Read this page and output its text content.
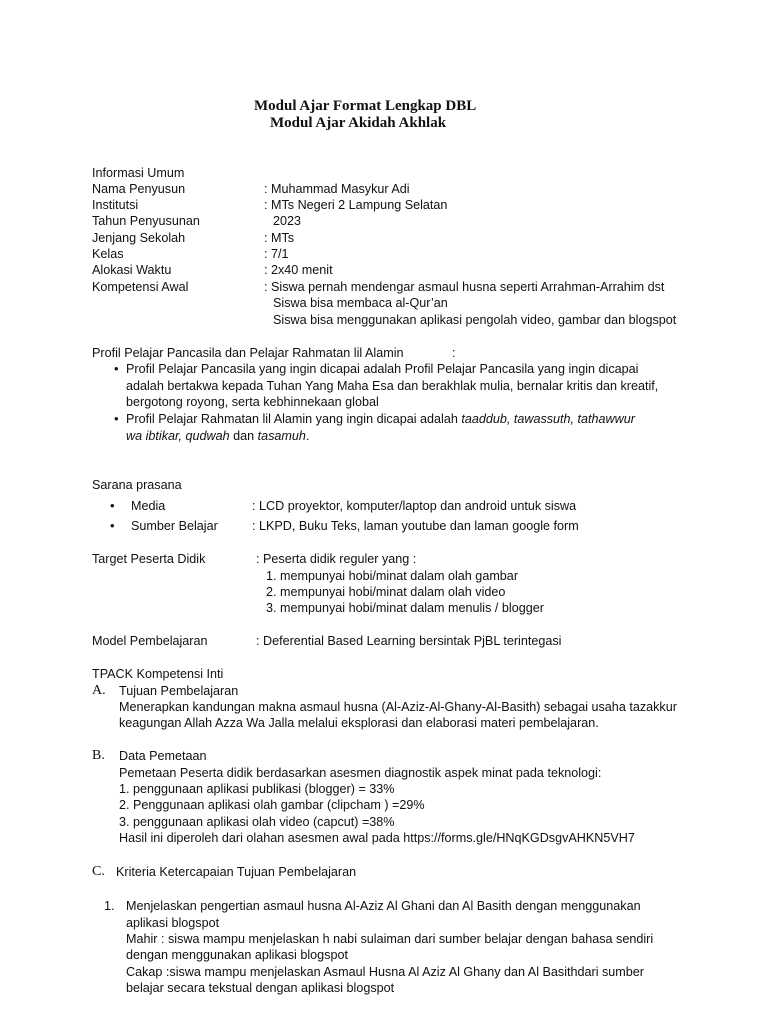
Modul Ajar Format Lengkap DBL
Modul Ajar Akidah Akhlak
Informasi Umum
Nama Penyusun	: Muhammad Masykur Adi
Institutsi	: MTs Negeri 2 Lampung Selatan
Tahun Penyusunan	2023
Jenjang Sekolah	: MTs
Kelas	: 7/1
Alokasi Waktu	: 2x40 menit
Kompetensi Awal	: Siswa pernah mendengar asmaul husna seperti Arrahman-Arrahim dst
Siswa bisa membaca al-Qur’an
Siswa bisa menggunakan aplikasi pengolah video, gambar dan blogspot
Profil Pelajar Pancasila dan Pelajar Rahmatan lil Alamin	:
• Profil Pelajar Pancasila yang ingin dicapai adalah Profil Pelajar Pancasila yang ingin dicapai
adalah bertakwa kepada Tuhan Yang Maha Esa dan berakhlak mulia, bernalar kritis dan kreatif,
bergotong royong, serta kebhinnekaan global
• Profil Pelajar Rahmatan lil Alamin yang ingin dicapai adalah taaddub, tawassuth, tathawwur
wa ibtikar, qudwah dan tasamuh.
Sarana prasana
• Media	: LCD proyektor, komputer/laptop dan android untuk siswa
• Sumber Belajar	: LKPD, Buku Teks, laman youtube dan laman google form
Target Peserta Didik	: Peserta didik reguler yang :
1. mempunyai hobi/minat dalam olah gambar
2. mempunyai hobi/minat dalam olah video
3. mempunyai hobi/minat dalam menulis / blogger
Model Pembelajaran	: Deferential Based Learning bersintak PjBL terintegasi
TPACK Kompetensi Inti
A. Tujuan Pembelajaran
Menerapkan kandungan makna asmaul husna (Al-Aziz-Al-Ghany-Al-Basith) sebagai usaha tazakkur
keagungan Allah Azza Wa Jalla melalui eksplorasi dan elaborasi materi pembelajaran.
B. Data Pemetaan
Pemetaan Peserta didik berdasarkan asesmen diagnostik aspek minat pada teknologi:
1. penggunaan aplikasi publikasi (blogger) = 33%
2. Penggunaan aplikasi olah gambar (clipcham ) =29%
3. penggunaan aplikasi olah video (capcut) =38%
Hasil ini diperoleh dari olahan asesmen awal pada https://forms.gle/HNqKGDsgvAHKN5VH7
C. Kriteria Ketercapaian Tujuan Pembelajaran
1. Menjelaskan pengertian asmaul husna Al-Aziz Al Ghani dan Al Basith dengan menggunakan
aplikasi blogspot
Mahir : siswa mampu menjelaskan h nabi sulaiman dari sumber belajar dengan bahasa sendiri
dengan menggunakan aplikasi blogspot
Cakap :siswa mampu menjelaskan Asmaul Husna Al Aziz Al Ghany dan Al Basithdari sumber
belajar secara tekstual dengan aplikasi blogspot
